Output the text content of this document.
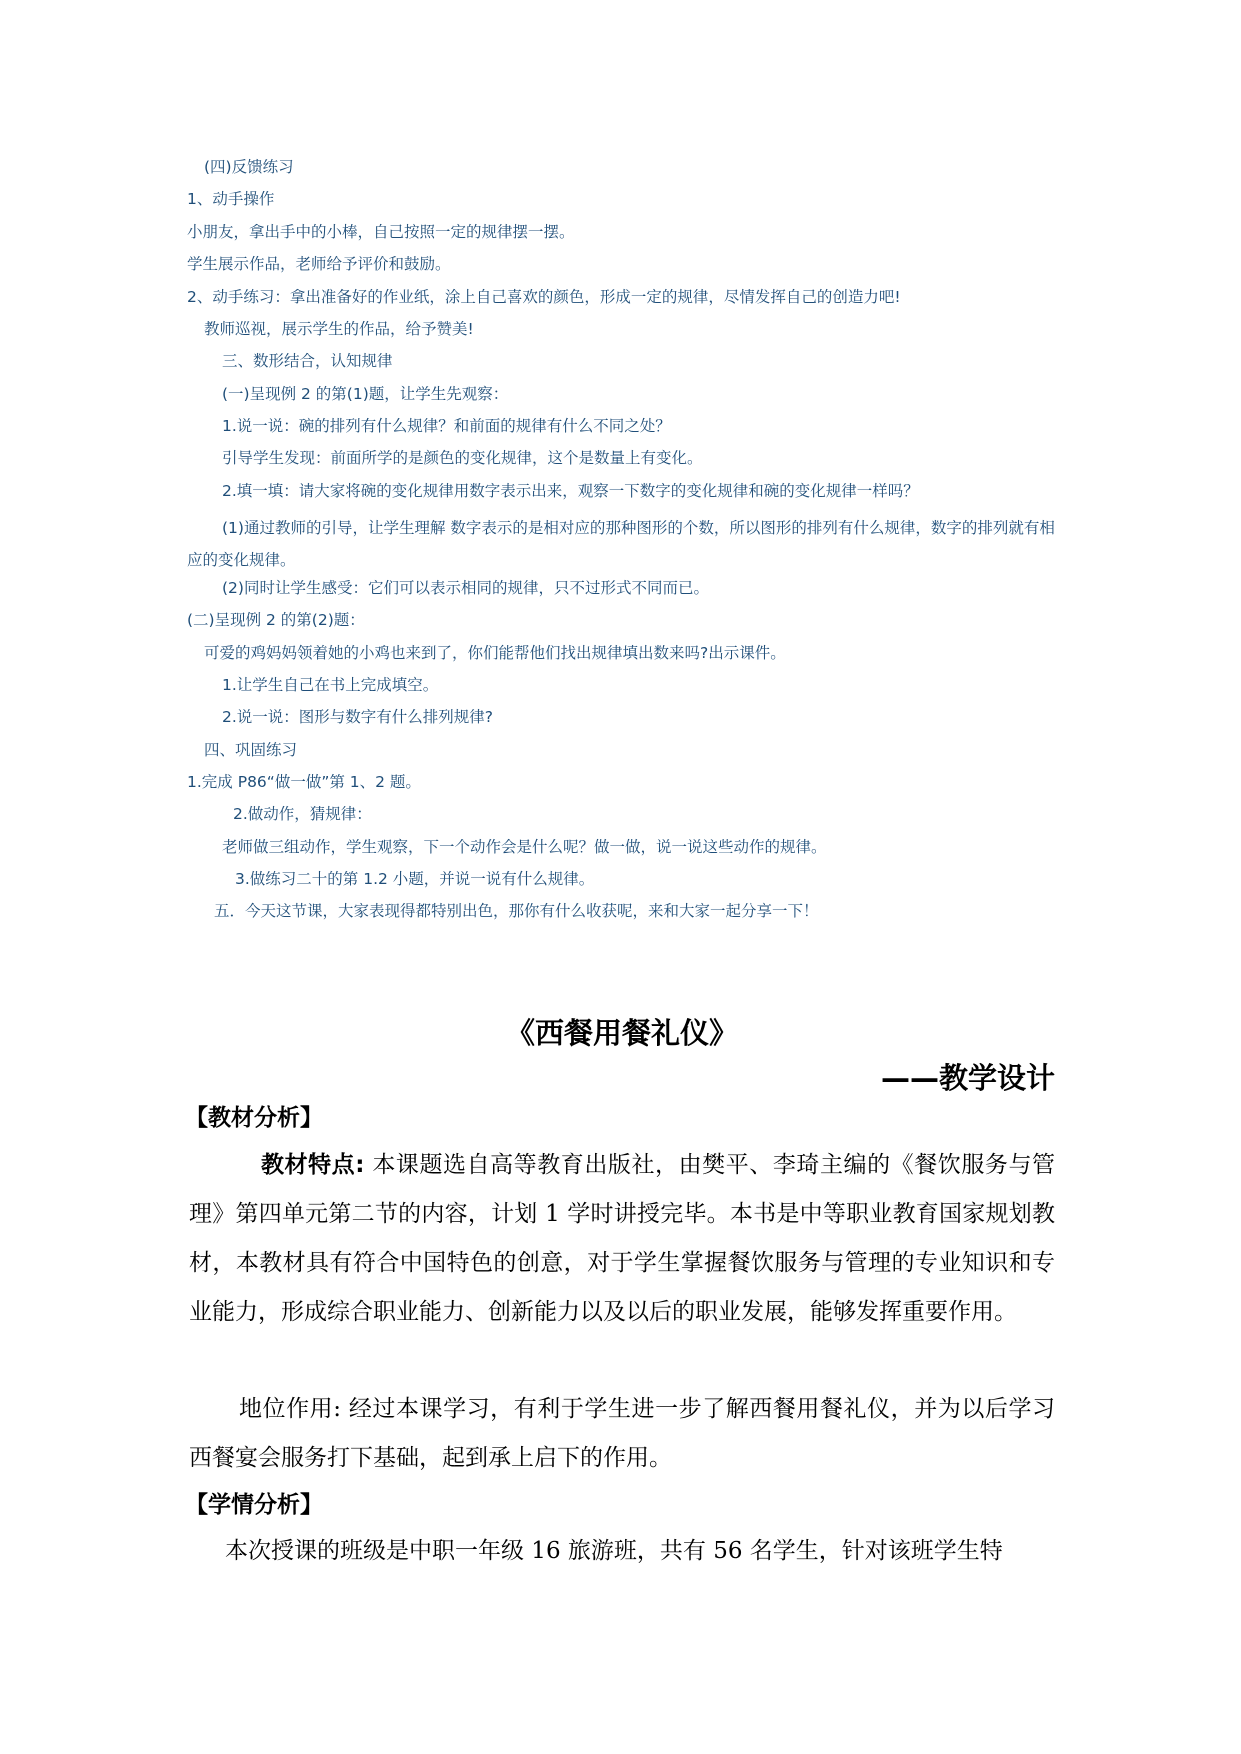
(四)反馈练习
1、动手操作
小朋友，拿出手中的小棒，自己按照一定的规律摆一摆。
学生展示作品，老师给予评价和鼓励。
2、动手练习：拿出准备好的作业纸，涂上自己喜欢的颜色，形成一定的规律，尽情发挥自己的创造力吧!
教师巡视，展示学生的作品，给予赞美!
三、数形结合，认知规律
(一)呈现例 2 的第(1)题，让学生先观察：
1.说一说：碗的排列有什么规律？和前面的规律有什么不同之处？
引导学生发现：前面所学的是颜色的变化规律，这个是数量上有变化。
2.填一填：请大家将碗的变化规律用数字表示出来，观察一下数字的变化规律和碗的变化规律一样吗？
(1)通过教师的引导，让学生理解 数字表示的是相对应的那种图形的个数，所以图形的排列有什么规律，数字的排列就有相应的变化规律。
(2)同时让学生感受：它们可以表示相同的规律，只不过形式不同而已。
(二)呈现例 2 的第(2)题：
可爱的鸡妈妈领着她的小鸡也来到了，你们能帮他们找出规律填出数来吗?出示课件。
1.让学生自己在书上完成填空。
2.说一说：图形与数字有什么排列规律?
四、巩固练习
1.完成 P86“做一做”第 1、2 题。
2.做动作，猜规律：
老师做三组动作，学生观察，下一个动作会是什么呢？做一做，说一说这些动作的规律。
3.做练习二十的第 1.2 小题，并说一说有什么规律。
五．今天这节课，大家表现得都特别出色，那你有什么收获呢，来和大家一起分享一下！
《西餐用餐礼仪》
——教学设计
【教材分析】
教材特点: 本课题选自高等教育出版社，由樊平、李琦主编的《餐饮服务与管理》第四单元第二节的内容，计划 1 学时讲授完毕。本书是中等职业教育国家规划教材，本教材具有符合中国特色的创意，对于学生掌握餐饮服务与管理的专业知识和专业能力，形成综合职业能力、创新能力以及以后的职业发展，能够发挥重要作用。
地位作用: 经过本课学习，有利于学生进一步了解西餐用餐礼仪，并为以后学习西餐宴会服务打下基础，起到承上启下的作用。
【学情分析】
本次授课的班级是中职一年级 16 旅游班，共有 56 名学生，针对该班学生特
